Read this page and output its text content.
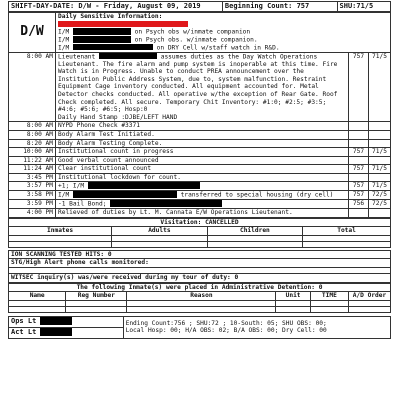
SHIFT-DAY-DATE: D/W - Friday, August 09, 2019	Beginning Count: 757	SHU:71/5
D/W	Daily Sensitive Information:
REDACTED ON MODIFY ... OBSERVATIONS
I/M on Psych obs w/inmate companion
I/M on Psych obs. w/inmate companion.
I/M on DRY Cell w/staff watch in R&D.		

8:00 AM	Lieutenant assumes duties as the Day Watch Operations
Lieutenant. The fire alarm and pump system is inoperable at this time. Fire Watch is in Progress. Unable to conduct PREA announcement over the Institution Public Address System, due to, system malfunction. Restraint Equipment Cage inventory conducted. All equipment accounted for. Metal Detector checks conducted. All operative w/the exception of Rear Gate. Roof Check completed. All secure. Temporary Chit Inventory: #1:0; #2:5; #3:5; #4:6; #5:6; #6:5; Hosp:0
Daily Hand Stamp :DJBE/LEFT HAND	757	71/5
8:00 AM	NYPD Phone Check #3371		
8:00 AM	Body Alarm Test Initiated.		
8:20 AM	Body Alarm Testing Complete.		
10:00 AM	Institutional count in progress	757	71/5
11:22 AM	Good verbal count announced		
11:24 AM	Clear institutional count	757	71/5
3:45 PM	Institutional lockdown for count.		
3:57 PM	+1; I/M	757	71/5
3:58 PM	I/M transferred to special housing (dry cell)	757	72/5
3:59 PM	-1 Bail Bond;	756	72/5
4:00 PM	Relieved of duties by Lt. M. Cannata E/W Operations Lieutenant.		
Visitation: CANCELLED			
Inmates	Adults	Children	Total

ION SCANNING TESTED HITS: 0
STG/High Alert phone calls monitored:

WITSEC inquiry(s) was/were received during my tour of duty: 0
The following Inmate(s) were placed in Administrative Detention: 0					
Name	Reg Number	Reason	Unit	TIME	A/D Order

Ops Lt	Ending Count:756 ; SHU:72 ; 10-South: 05; SHU OBS: 00;
Local Hosp: 00; H/A OBS: 02; B/A OBS: 00; Dry Cell: 00

Act Lt
